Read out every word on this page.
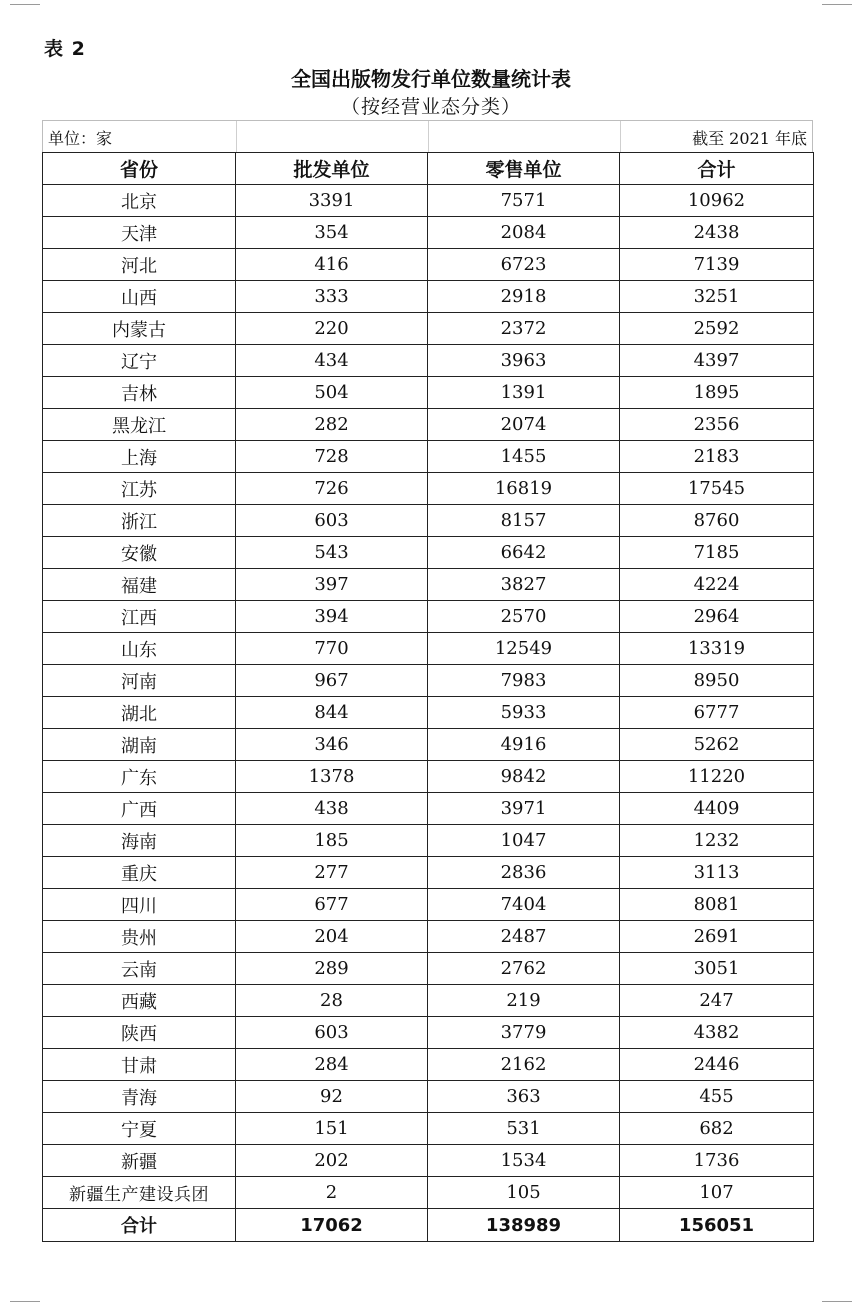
表 2
全国出版物发行单位数量统计表
（按经营业态分类）
单位：家	截至 2021 年底
省份	批发单位	零售单位	合计
北京	3391	7571	10962
天津	354	2084	2438
河北	416	6723	7139
山西	333	2918	3251
内蒙古	220	2372	2592
辽宁	434	3963	4397
吉林	504	1391	1895
黑龙江	282	2074	2356
上海	728	1455	2183
江苏	726	16819	17545
浙江	603	8157	8760
安徽	543	6642	7185
福建	397	3827	4224
江西	394	2570	2964
山东	770	12549	13319
河南	967	7983	8950
湖北	844	5933	6777
湖南	346	4916	5262
广东	1378	9842	11220
广西	438	3971	4409
海南	185	1047	1232
重庆	277	2836	3113
四川	677	7404	8081
贵州	204	2487	2691
云南	289	2762	3051
西藏	28	219	247
陕西	603	3779	4382
甘肃	284	2162	2446
青海	92	363	455
宁夏	151	531	682
新疆	202	1534	1736
新疆生产建设兵团	2	105	107
合计	17062	138989	156051
